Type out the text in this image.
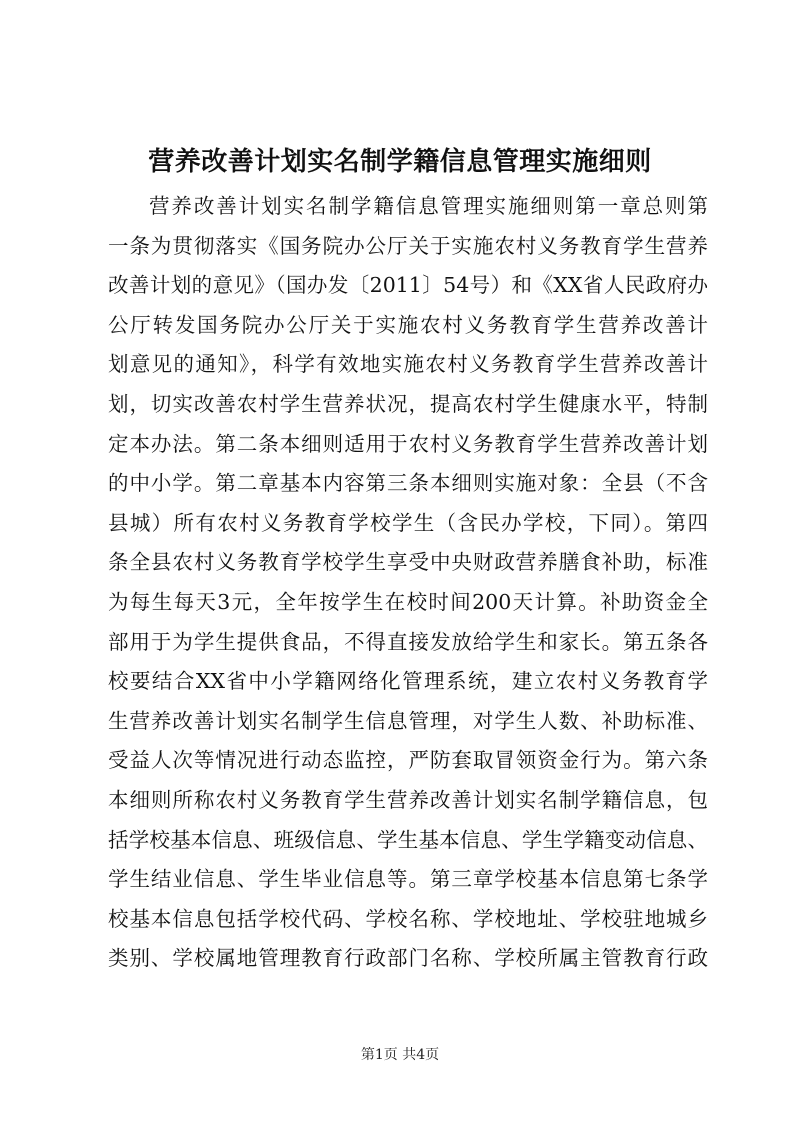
营养改善计划实名制学籍信息管理实施细则
营养改善计划实名制学籍信息管理实施细则第一章总则第
一条为贯彻落实《国务院办公厅关于实施农村义务教育学生营养
改善计划的意见》（国办发〔2011〕54号）和《XX省人民政府办
公厅转发国务院办公厅关于实施农村义务教育学生营养改善计
划意见的通知》，科学有效地实施农村义务教育学生营养改善计
划，切实改善农村学生营养状况，提高农村学生健康水平，特制
定本办法。第二条本细则适用于农村义务教育学生营养改善计划
的中小学。第二章基本内容第三条本细则实施对象：全县（不含
县城）所有农村义务教育学校学生（含民办学校，下同）。第四
条全县农村义务教育学校学生享受中央财政营养膳食补助，标准
为每生每天3元，全年按学生在校时间200天计算。补助资金全
部用于为学生提供食品，不得直接发放给学生和家长。第五条各
校要结合XX省中小学籍网络化管理系统，建立农村义务教育学
生营养改善计划实名制学生信息管理，对学生人数、补助标准、
受益人次等情况进行动态监控，严防套取冒领资金行为。第六条
本细则所称农村义务教育学生营养改善计划实名制学籍信息，包
括学校基本信息、班级信息、学生基本信息、学生学籍变动信息、
学生结业信息、学生毕业信息等。第三章学校基本信息第七条学
校基本信息包括学校代码、学校名称、学校地址、学校驻地城乡
类别、学校属地管理教育行政部门名称、学校所属主管教育行政
第1页 共4页
